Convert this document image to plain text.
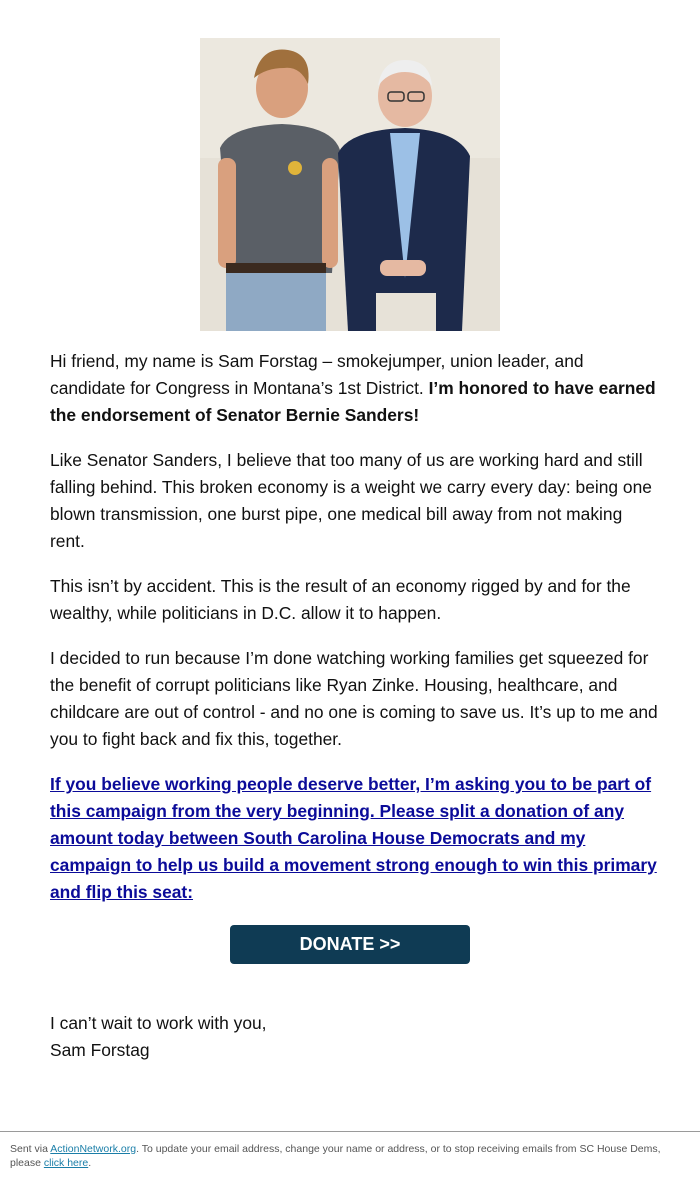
Hi friend, my name is Sam Forstag – smokejumper, union leader, and candidate for Congress in Montana’s 1st District. I’m honored to have earned the endorsement of Senator Bernie Sanders!

Like Senator Sanders, I believe that too many of us are working hard and still falling behind. This broken economy is a weight we carry every day: being one blown transmission, one burst pipe, one medical bill away from not making rent.

This isn’t by accident. This is the result of an economy rigged by and for the wealthy, while politicians in D.C. allow it to happen.

I decided to run because I’m done watching working families get squeezed for the benefit of corrupt politicians like Ryan Zinke. Housing, healthcare, and childcare are out of control - and no one is coming to save us. It’s up to me and you to fight back and fix this, together.

If you believe working people deserve better, I’m asking you to be part of this campaign from the very beginning. Please split a donation of any amount today between South Carolina House Democrats and my campaign to help us build a movement strong enough to win this primary and flip this seat:
DONATE >>
I can’t wait to work with you,
Sam Forstag
Sent via ActionNetwork.org. To update your email address, change your name or address, or to stop receiving emails from SC House Dems, please click here.
